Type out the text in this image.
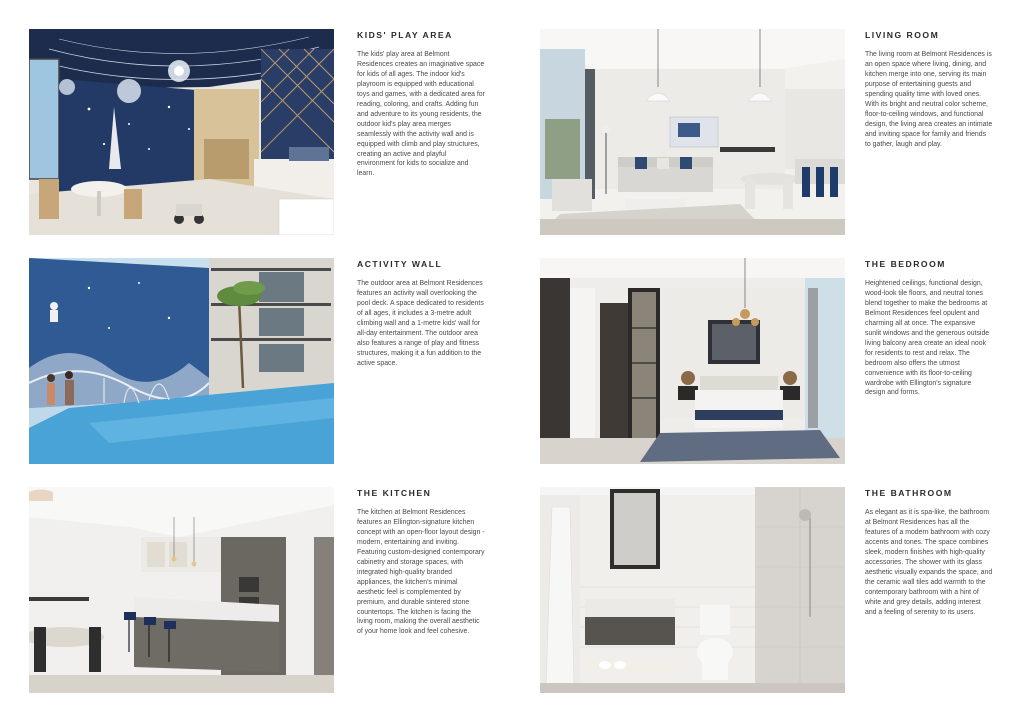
KIDS' PLAY AREA

The kids' play area at Belmont Residences creates an imaginative space for kids of all ages. The indoor kid's playroom is equipped with educational toys and games, with a dedicated area for reading, coloring, and crafts. Adding fun and adventure to its young residents, the outdoor kid's play area merges seamlessly with the activity wall and is equipped with climb and play structures, creating an active and playful environment for kids to socialize and learn.

LIVING ROOM

The living room at Belmont Residences is an open space where living, dining, and kitchen merge into one, serving its main purpose of entertaining guests and spending quality time with loved ones. With its bright and neutral color scheme, floor-to-ceiling windows, and functional design, the living area creates an intimate and inviting space for family and friends to gather, laugh and play.

ACTIVITY WALL

The outdoor area at Belmont Residences features an activity wall overlooking the pool deck. A space dedicated to residents of all ages, it includes a 3-metre adult climbing wall and a 1-metre kids' wall for all-day entertainment. The outdoor area also features a range of play and fitness structures, making it a fun addition to the active space.

THE BEDROOM

Heightened ceilings, functional design, wood-look tile floors, and neutral tones blend together to make the bedrooms at Belmont Residences feel opulent and charming all at once. The expansive sunlit windows and the generous outside living balcony area create an ideal nook for residents to rest and relax. The bedroom also offers the utmost convenience with its floor-to-ceiling wardrobe with Ellington's signature design and forms.

THE KITCHEN

The kitchen at Belmont Residences features an Ellington-signature kitchen concept with an open-floor layout design - modern, entertaining and inviting. Featuring custom-designed contemporary cabinetry and storage spaces, with integrated high-quality branded appliances, the kitchen's minimal aesthetic feel is complemented by premium, and durable sintered stone countertops. The kitchen is facing the living room, making the overall aesthetic of your home look and feel cohesive.

THE BATHROOM

As elegant as it is spa-like, the bathroom at Belmont Residences has all the features of a modern bathroom with cozy accents and tones. The space combines sleek, modern finishes with high-quality accessories. The shower with its glass aesthetic visually expands the space, and the ceramic wall tiles add warmth to the contemporary bathroom with a hint of white and grey details, adding interest and a feeling of serenity to its users.
